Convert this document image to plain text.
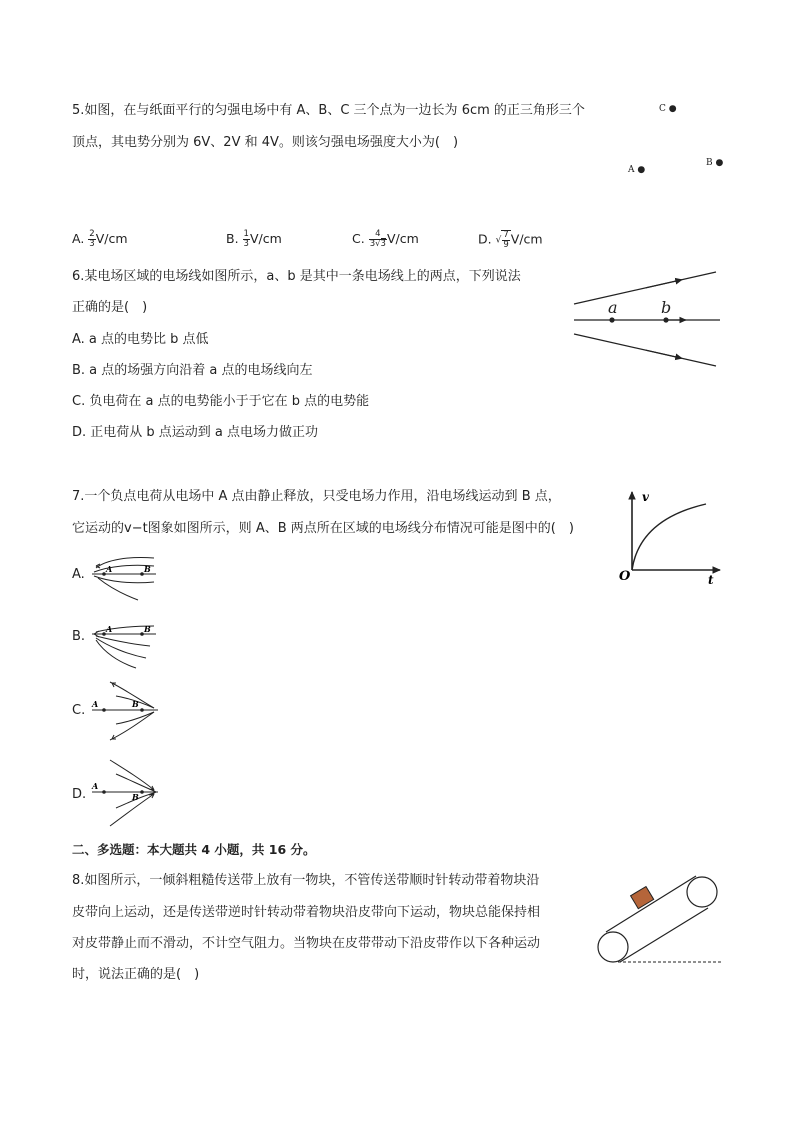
5.如图，在与纸面平行的匀强电场中有 A、B、C 三个点为一边长为 6cm 的正三角形三个
顶点，其电势分别为 6V、2V 和 4V。则该匀强电场强度大小为(　)
C ●
A ●
B ●
A. $\frac{2}{3} V/cm$	B. $\frac{1}{3} V/cm$	C. $\frac{4}{3√3} V/cm$	D. √ $\frac{7}{9} V/cm$
6.某电场区域的电场线如图所示，a、b 是其中一条电场线上的两点，下列说法
正确的是(　)
A. a 点的电势比 b 点低
B. a 点的场强方向沿着 a 点的电场线向左
C. 负电荷在 a 点的电势能小于于它在 b 点的电势能
D. 正电荷从 b 点运动到 a 点电场力做正功
a	b
7.一个负点电荷从电场中 A 点由静止释放，只受电场力作用，沿电场线运动到 B 点，
它运动的v−t图象如图所示，则 A、B 两点所在区域的电场线分布情况可能是图中的(　)
v
t
O
A.	A	B
B.	A	B
C. A	B
D.
A
B
二、多选题：本大题共 4 小题，共 16 分。
8.如图所示，一倾斜粗糙传送带上放有一物块，不管传送带顺时针转动带着物块沿
皮带向上运动，还是传送带逆时针转动带着物块沿皮带向下运动，物块总能保持相
对皮带静止而不滑动，不计空气阻力。当物块在皮带带动下沿皮带作以下各种运动
时，说法正确的是(　)
